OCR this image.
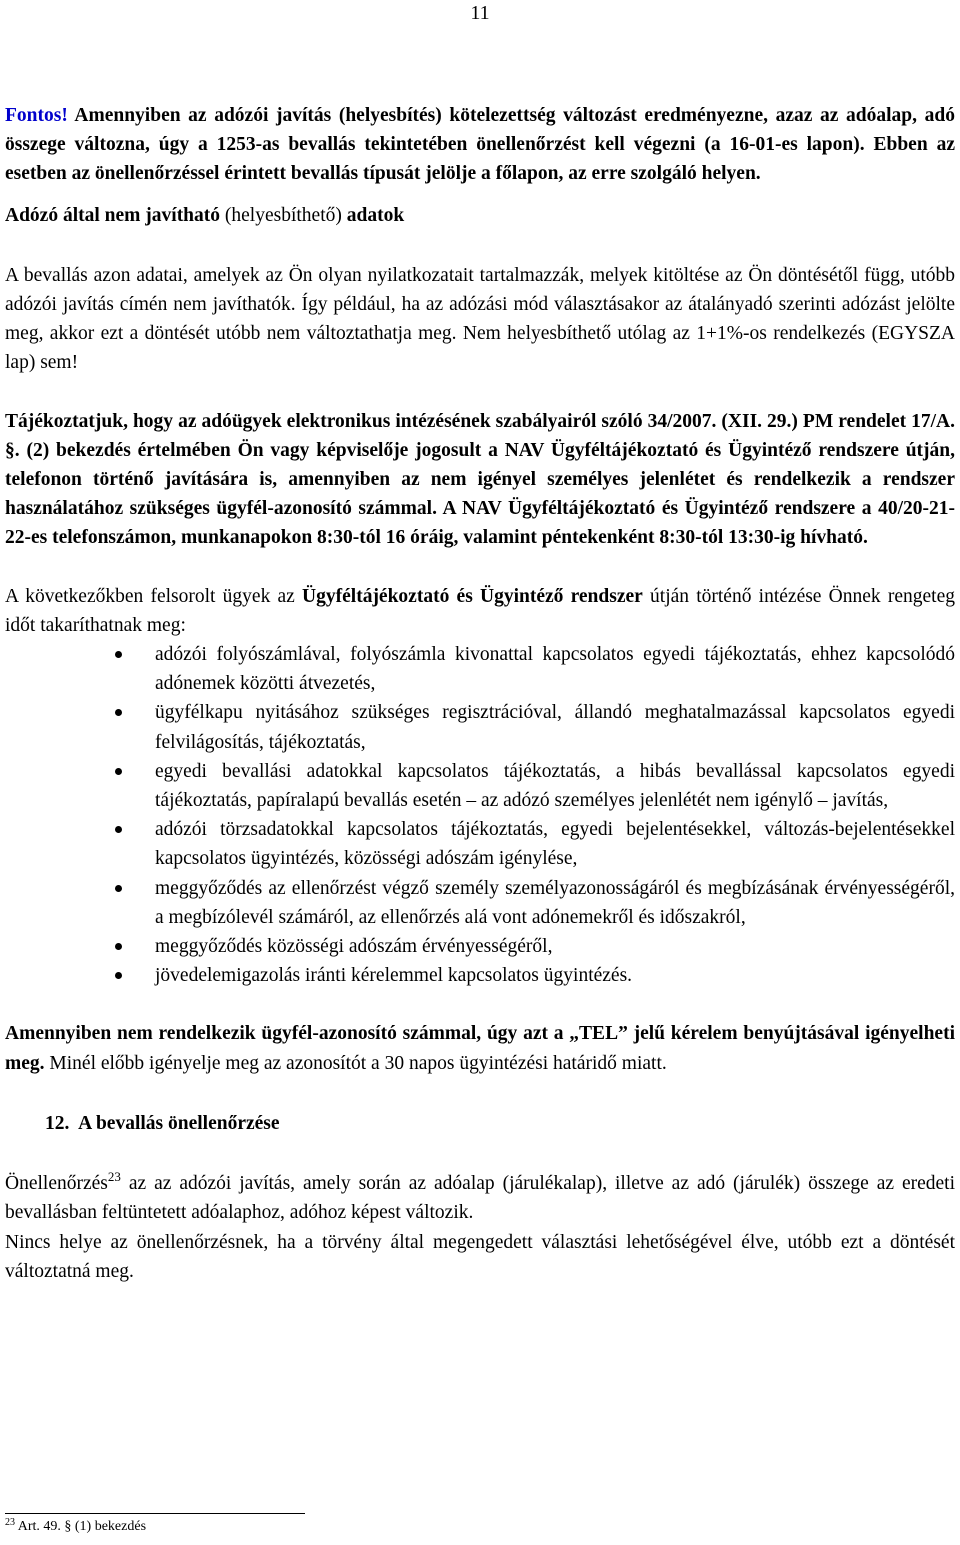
11

Fontos! Amennyiben az adózói javítás (helyesbítés) kötelezettség változást eredményezne, azaz az adóalap, adó összege változna, úgy a 1253-as bevallás tekintetében önellenőrzést kell végezni (a 16-01-es lapon). Ebben az esetben az önellenőrzéssel érintett bevallás típusát jelölje a főlapon, az erre szolgáló helyen.

Adózó által nem javítható (helyesbíthető) adatok

A bevallás azon adatai, amelyek az Ön olyan nyilatkozatait tartalmazzák, melyek kitöltése az Ön döntésétől függ, utóbb adózói javítás címén nem javíthatók. Így például, ha az adózási mód választásakor az átalányadó szerinti adózást jelölte meg, akkor ezt a döntését utóbb nem változtathatja meg. Nem helyesbíthető utólag az 1+1%-os rendelkezés (EGYSZA lap) sem!

Tájékoztatjuk, hogy az adóügyek elektronikus intézésének szabályairól szóló 34/2007. (XII. 29.) PM rendelet 17/A. §. (2) bekezdés értelmében Ön vagy képviselője jogosult a NAV Ügyféltájékoztató és Ügyintéző rendszere útján, telefonon történő javítására is, amennyiben az nem igényel személyes jelenlétet és rendelkezik a rendszer használatához szükséges ügyfél-azonosító számmal. A NAV Ügyféltájékoztató és Ügyintéző rendszere a 40/20-21-22-es telefonszámon, munkanapokon 8:30-tól 16 óráig, valamint péntekenként 8:30-tól 13:30-ig hívható.

A következőkben felsorolt ügyek az Ügyféltájékoztató és Ügyintéző rendszer útján történő intézése Önnek rengeteg időt takaríthatnak meg:

adózói folyószámlával, folyószámla kivonattal kapcsolatos egyedi tájékoztatás, ehhez kapcsolódó adónemek közötti átvezetés,
ügyfélkapu nyitásához szükséges regisztrációval, állandó meghatalmazással kapcsolatos egyedi felvilágosítás, tájékoztatás,
egyedi bevallási adatokkal kapcsolatos tájékoztatás, a hibás bevallással kapcsolatos egyedi tájékoztatás, papíralapú bevallás esetén – az adózó személyes jelenlétét nem igénylő – javítás,
adózói törzsadatokkal kapcsolatos tájékoztatás, egyedi bejelentésekkel, változás-bejelentésekkel kapcsolatos ügyintézés, közösségi adószám igénylése,
meggyőződés az ellenőrzést végző személy személyazonosságáról és megbízásának érvényességéről, a megbízólevél számáról, az ellenőrzés alá vont adónemekről és időszakról,
meggyőződés közösségi adószám érvényességéről,
jövedelemigazolás iránti kérelemmel kapcsolatos ügyintézés.

Amennyiben nem rendelkezik ügyfél-azonosító számmal, úgy azt a „TEL” jelű kérelem benyújtásával igényelheti meg. Minél előbb igényelje meg az azonosítót a 30 napos ügyintézési határidő miatt.

12. A bevallás önellenőrzése

Önellenőrzés$^{23}$ az az adózói javítás, amely során az adóalap (járulékalap), illetve az adó (járulék) összege az eredeti bevallásban feltüntetett adóalaphoz, adóhoz képest változik.

Nincs helye az önellenőrzésnek, ha a törvény által megengedett választási lehetőségével élve, utóbb ezt a döntését változtatná meg.

$^{23}$ Art. 49. § (1) bekezdés
